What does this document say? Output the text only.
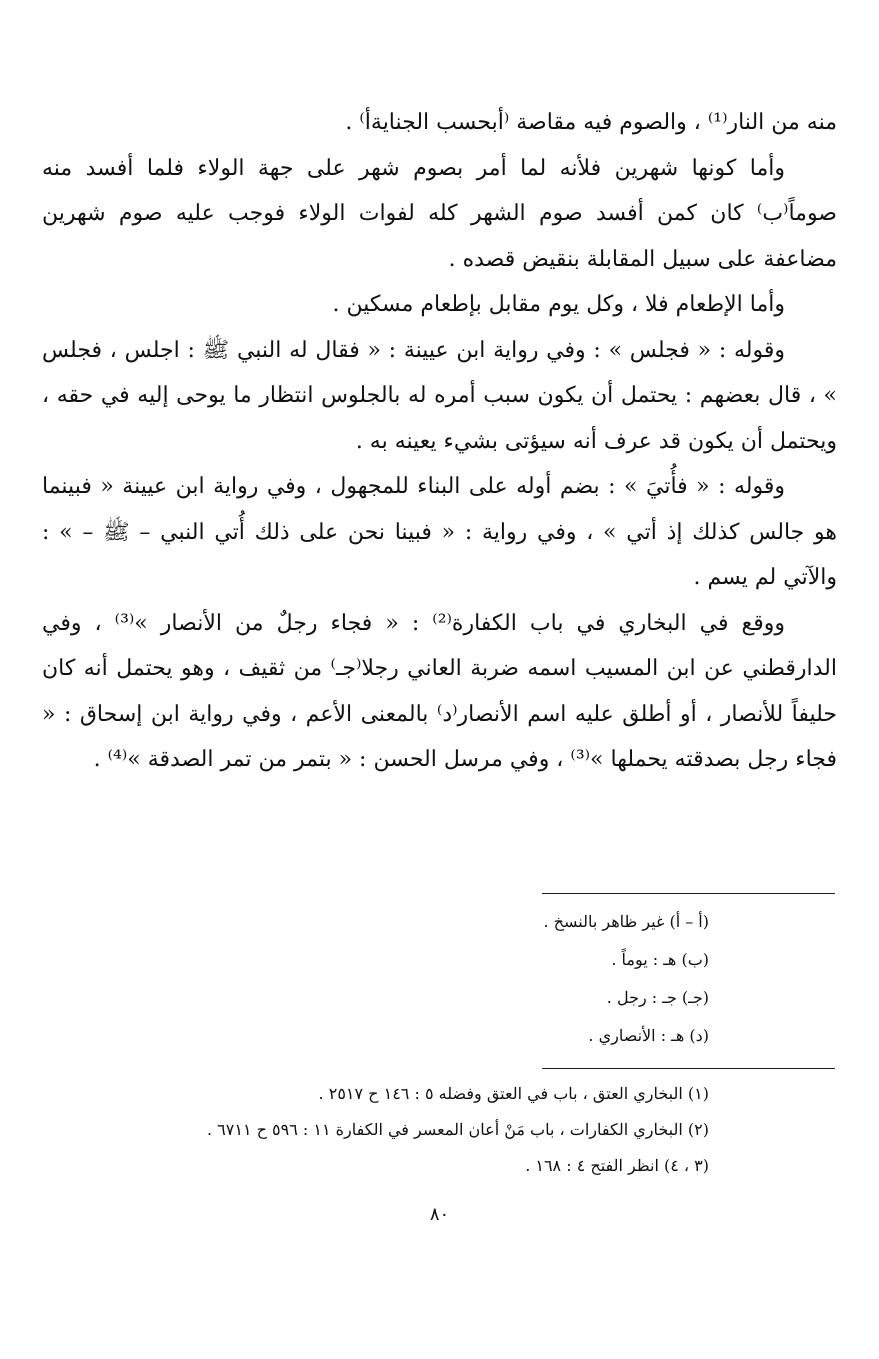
منه من النار⁽¹⁾ ، والصوم فيه مقاصة ⁽أبحسب الجنايةأ⁾ .

وأما كونها شهرين فلأنه لما أمر بصوم شهر على جهة الولاء فلما أفسد منه صوماً⁽ب⁾ كان كمن أفسد صوم الشهر كله لفوات الولاء فوجب عليه صوم شهرين مضاعفة على سبيل المقابلة بنقيض قصده .

وأما الإطعام فلا ، وكل يوم مقابل بإطعام مسكين .

وقوله : « فجلس » : وفي رواية ابن عيينة : « فقال له النبي ﷺ : اجلس ، فجلس » ، قال بعضهم : يحتمل أن يكون سبب أمره له بالجلوس انتظار ما يوحى إليه في حقه ، ويحتمل أن يكون قد عرف أنه سيؤتى بشيء يعينه به .

وقوله : « فأُتيَ » : بضم أوله على البناء للمجهول ، وفي رواية ابن عيينة « فبينما هو جالس كذلك إذ أتي » ، وفي رواية : « فبينا نحن على ذلك أُتي النبي – ﷺ – » : والآتي لم يسم .

ووقع في البخاري في باب الكفارة⁽²⁾ : « فجاء رجلٌ من الأنصار »⁽³⁾ ، وفي الدارقطني عن ابن المسيب اسمه ضربة العاني رجلا⁽جـ⁾ من ثقيف ، وهو يحتمل أنه كان حليفاً للأنصار ، أو أطلق عليه اسم الأنصار⁽د⁾ بالمعنى الأعم ، وفي رواية ابن إسحاق : « فجاء رجل بصدقته يحملها »⁽³⁾ ، وفي مرسل الحسن : « بتمر من تمر الصدقة »⁽⁴⁾ .

(أ – أ) غير ظاهر بالنسخ .
(ب) هـ : يوماً .
(جـ) جـ : رجل .
(د) هـ : الأنصاري .
(١) البخاري العتق ، باب في العتق وفضله ٥ : ١٤٦ ح ٢٥١٧ .
(٢) البخاري الكفارات ، باب مَنْ أعان المعسر في الكفارة ١١ : ٥٩٦ ح ٦٧١١ .
(٣ ، ٤) انظر الفتح ٤ : ١٦٨ .
٨٠
